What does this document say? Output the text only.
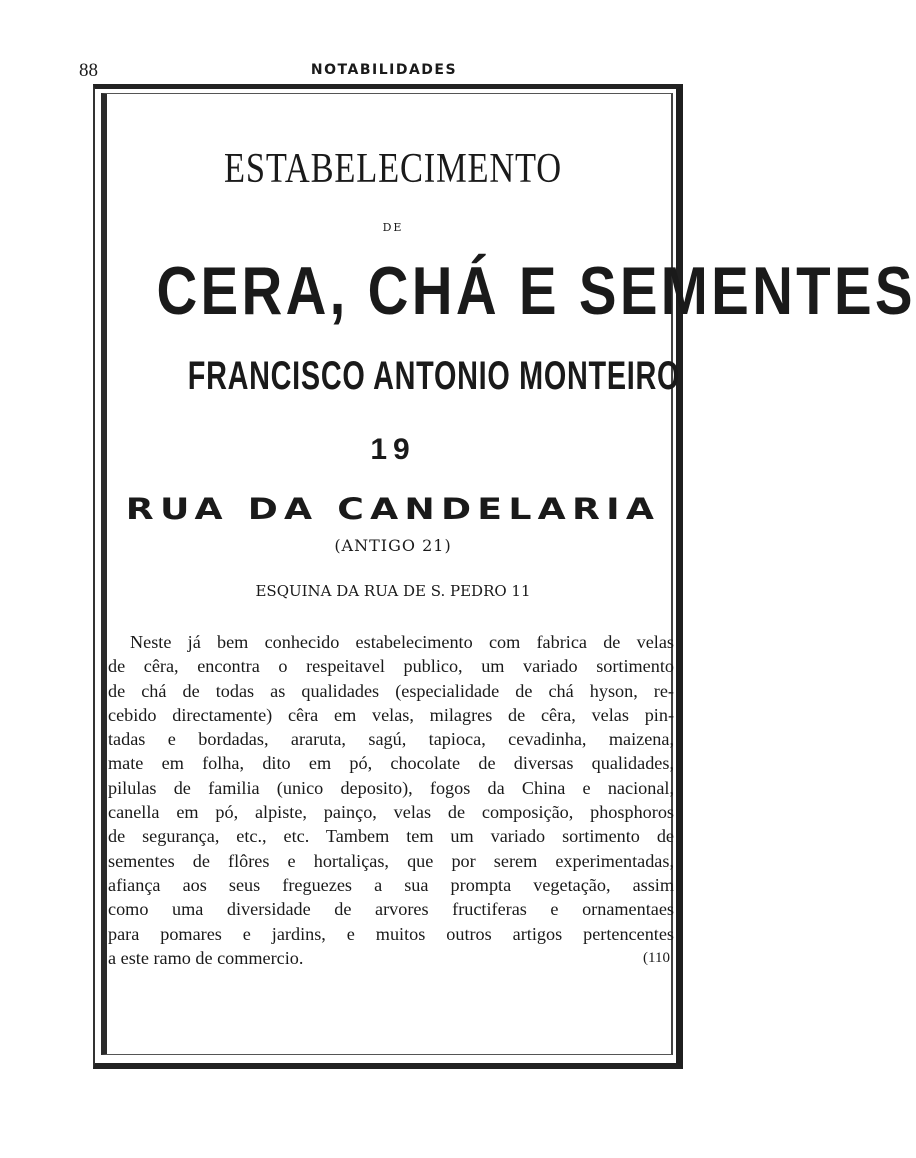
88	NOTABILIDADES
ESTABELECIMENTO
DE
CERA, CHÁ E SEMENTES
FRANCISCO ANTONIO MONTEIRO
19
RUA DA CANDELARIA
(ANTIGO 21)
ESQUINA DA RUA DE S. PEDRO 11
Neste já bem conhecido estabelecimento com fabrica de velas
de cêra, encontra o respeitavel publico, um variado sortimento
de chá de todas as qualidades (especialidade de chá hyson, re-
cebido directamente) cêra em velas, milagres de cêra, velas pin-
tadas e bordadas, araruta, sagú, tapioca, cevadinha, maizena,
mate em folha, dito em pó, chocolate de diversas qualidades,
pilulas de familia (unico deposito), fogos da China e nacional,
canella em pó, alpiste, painço, velas de composição, phosphoros
de segurança, etc., etc. Tambem tem um variado sortimento de
sementes de flôres e hortaliças, que por serem experimentadas,
afiança aos seus freguezes a sua prompta vegetação, assim
como uma diversidade de arvores fructiferas e ornamentaes
para pomares e jardins, e muitos outros artigos pertencentes
a este ramo de commercio.	(110
